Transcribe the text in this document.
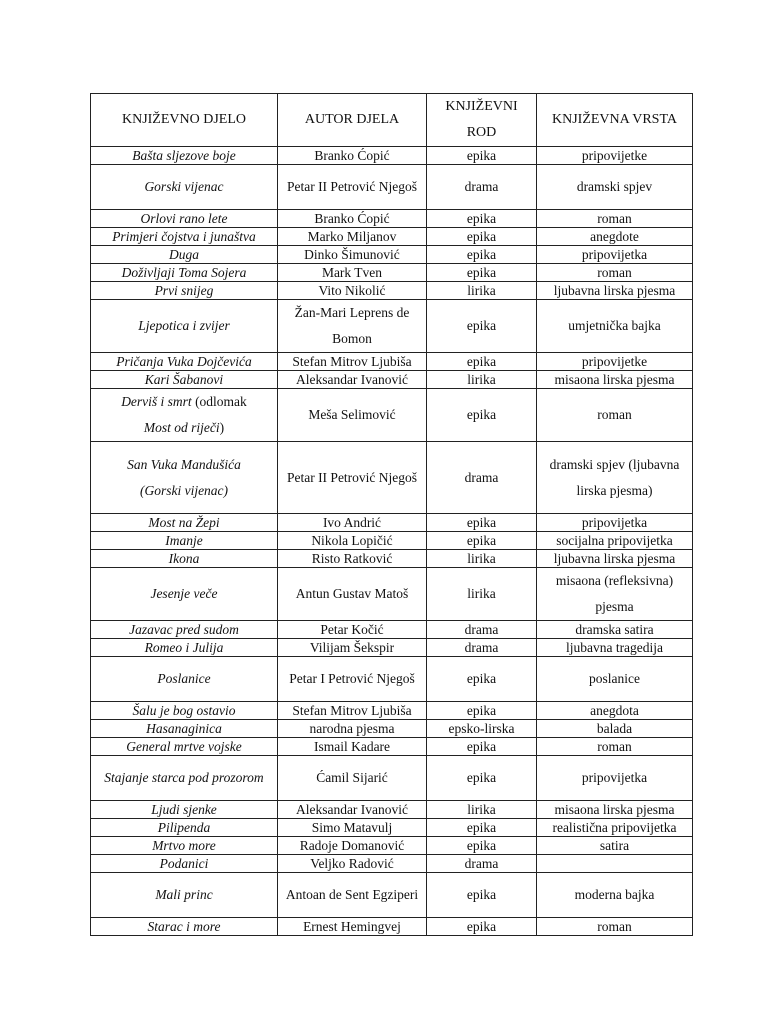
KNJIŽEVNO DJELO	AUTOR DJELA	KNJIŽEVNI ROD	KNJIŽEVNA VRSTA
Bašta sljezove boje	Branko Ćopić	epika	pripovijetke
Gorski vijenac	Petar II Petrović Njegoš	drama	dramski spjev
Orlovi rano lete	Branko Ćopić	epika	roman
Primjeri čojstva i junaštva	Marko Miljanov	epika	anegdote
Duga	Dinko Šimunović	epika	pripovijetka
Doživljaji Toma Sojera	Mark Tven	epika	roman
Prvi snijeg	Vito Nikolić	lirika	ljubavna lirska pjesma
Ljepotica i zvijer	Žan-Mari Leprens de Bomon	epika	umjetnička bajka
Pričanja Vuka Dojčevića	Stefan Mitrov Ljubiša	epika	pripovijetke
Kari Šabanovi	Aleksandar Ivanović	lirika	misaona lirska pjesma
Derviš i smrt (odlomak
Most od riječi)	Meša Selimović	epika	roman
San Vuka Mandušića
(Gorski vijenac)	Petar II Petrović Njegoš	drama	dramski spjev (ljubavna lirska pjesma)
Most na Žepi	Ivo Andrić	epika	pripovijetka
Imanje	Nikola Lopičić	epika	socijalna pripovijetka
Ikona	Risto Ratković	lirika	ljubavna lirska pjesma
Jesenje veče	Antun Gustav Matoš	lirika	misaona (refleksivna) pjesma
Jazavac pred sudom	Petar Kočić	drama	dramska satira
Romeo i Julija	Vilijam Šekspir	drama	ljubavna tragedija
Poslanice	Petar I Petrović Njegoš	epika	poslanice
Šalu je bog ostavio	Stefan Mitrov Ljubiša	epika	anegdota
Hasanaginica	narodna pjesma	epsko-lirska	balada
General mrtve vojske	Ismail Kadare	epika	roman
Stajanje starca pod prozorom	Ćamil Sijarić	epika	pripovijetka
Ljudi sjenke	Aleksandar Ivanović	lirika	misaona lirska pjesma
Pilipenda	Simo Matavulj	epika	realistična pripovijetka
Mrtvo more	Radoje Domanović	epika	satira
Podanici	Veljko Radović	drama	
Mali princ	Antoan de Sent Egziperi	epika	moderna bajka
Starac i more	Ernest Hemingvej	epika	roman
